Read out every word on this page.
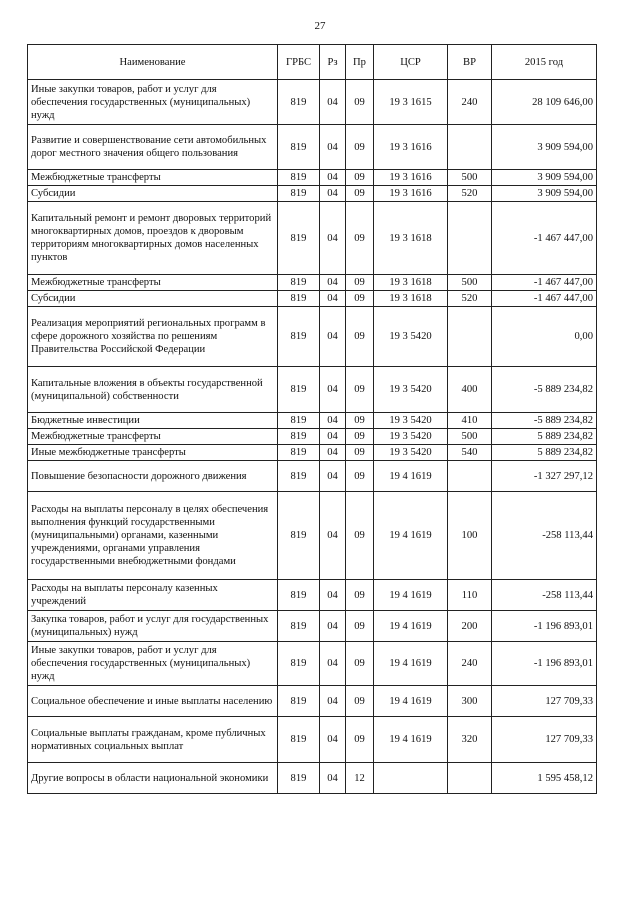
27
Наименование	ГРБС	Рз	Пр	ЦСР	ВР	2015 год
Иные закупки товаров, работ и услуг для обеспечения государственных (муниципальных) нужд	819	04	09	19 3 1615	240	28 109 646,00
Развитие и совершенствование сети автомобильных дорог местного значения общего пользования	819	04	09	19 3 1616		3 909 594,00
Межбюджетные трансферты	819	04	09	19 3 1616	500	3 909 594,00
Субсидии	819	04	09	19 3 1616	520	3 909 594,00
Капитальный ремонт и ремонт дворовых территорий многоквартирных домов, проездов к дворовым территориям многоквартирных домов населенных пунктов	819	04	09	19 3 1618		-1 467 447,00
Межбюджетные трансферты	819	04	09	19 3 1618	500	-1 467 447,00
Субсидии	819	04	09	19 3 1618	520	-1 467 447,00
Реализация мероприятий региональных программ в сфере дорожного хозяйства по решениям Правительства Российской Федерации	819	04	09	19 3 5420		0,00
Капитальные вложения в объекты государственной (муниципальной) собственности	819	04	09	19 3 5420	400	-5 889 234,82
Бюджетные инвестиции	819	04	09	19 3 5420	410	-5 889 234,82
Межбюджетные трансферты	819	04	09	19 3 5420	500	5 889 234,82
Иные межбюджетные трансферты	819	04	09	19 3 5420	540	5 889 234,82
Повышение безопасности дорожного движения	819	04	09	19 4 1619		-1 327 297,12
Расходы на выплаты персоналу в целях обеспечения выполнения функций государственными (муниципальными) органами, казенными учреждениями, органами управления государственными внебюджетными фондами	819	04	09	19 4 1619	100	-258 113,44
Расходы на выплаты персоналу казенных учреждений	819	04	09	19 4 1619	110	-258 113,44
Закупка товаров, работ и услуг для государственных (муниципальных) нужд	819	04	09	19 4 1619	200	-1 196 893,01
Иные закупки товаров, работ и услуг для обеспечения государственных (муниципальных) нужд	819	04	09	19 4 1619	240	-1 196 893,01
Социальное обеспечение и иные выплаты населению	819	04	09	19 4 1619	300	127 709,33
Социальные выплаты гражданам, кроме публичных нормативных социальных выплат	819	04	09	19 4 1619	320	127 709,33
Другие вопросы в области национальной экономики	819	04	12			1 595 458,12
